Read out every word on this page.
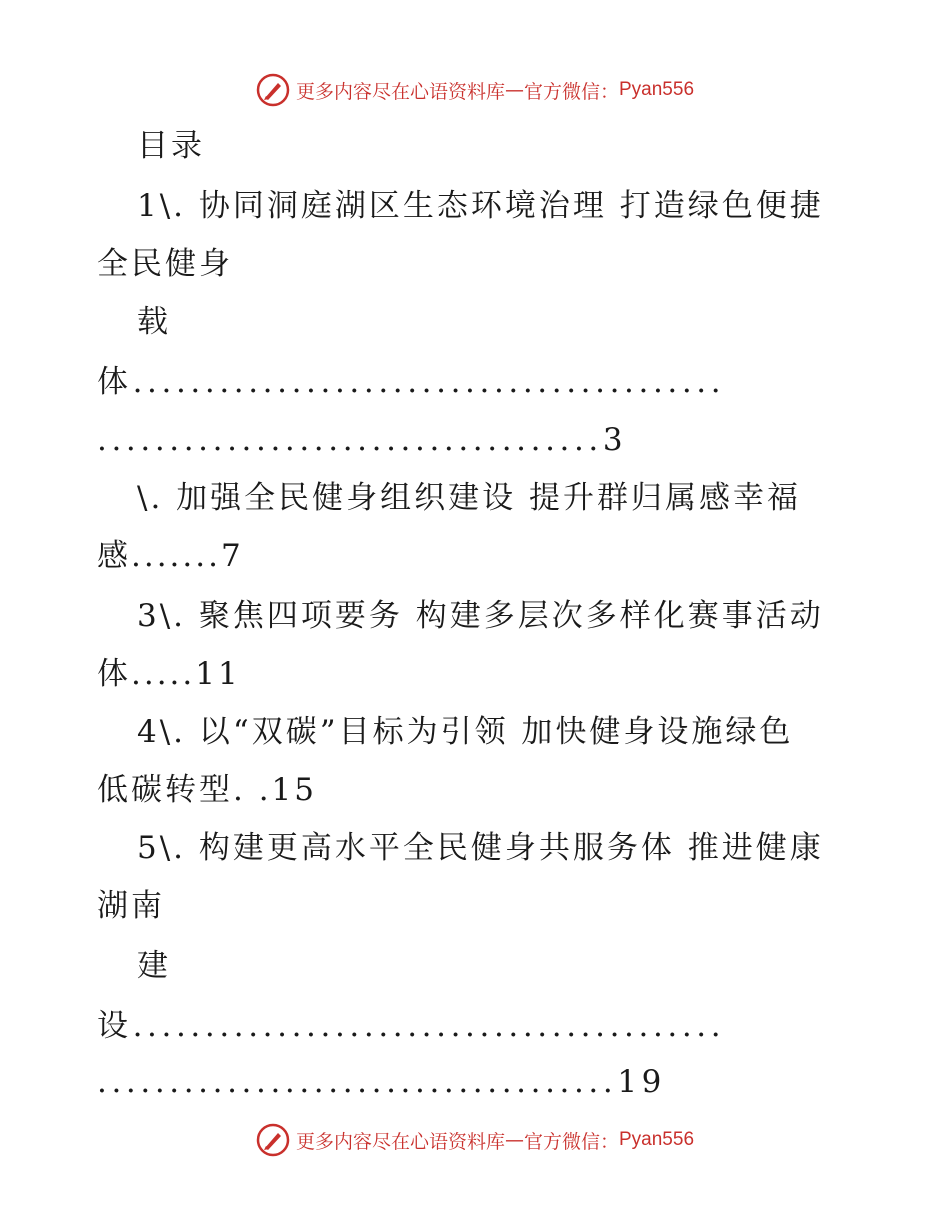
更多内容尽在心语资料库 — 官方微信： Pyan556
目录
1\. 协同洞庭湖区生态环境治理 打造绿色便捷
全民健身
载
体.........................................
...................................3
\. 加强全民健身组织建设 提升群归属感幸福
感.......7
3\. 聚焦四项要务 构建多层次多样化赛事活动
体.....11
4\. 以“双碳”目标为引领 加快健身设施绿色
低碳转型. .15
5\. 构建更高水平全民健身共服务体 推进健康
湖南
建
设.........................................
....................................19
更多内容尽在心语资料库 — 官方微信： Pyan556
